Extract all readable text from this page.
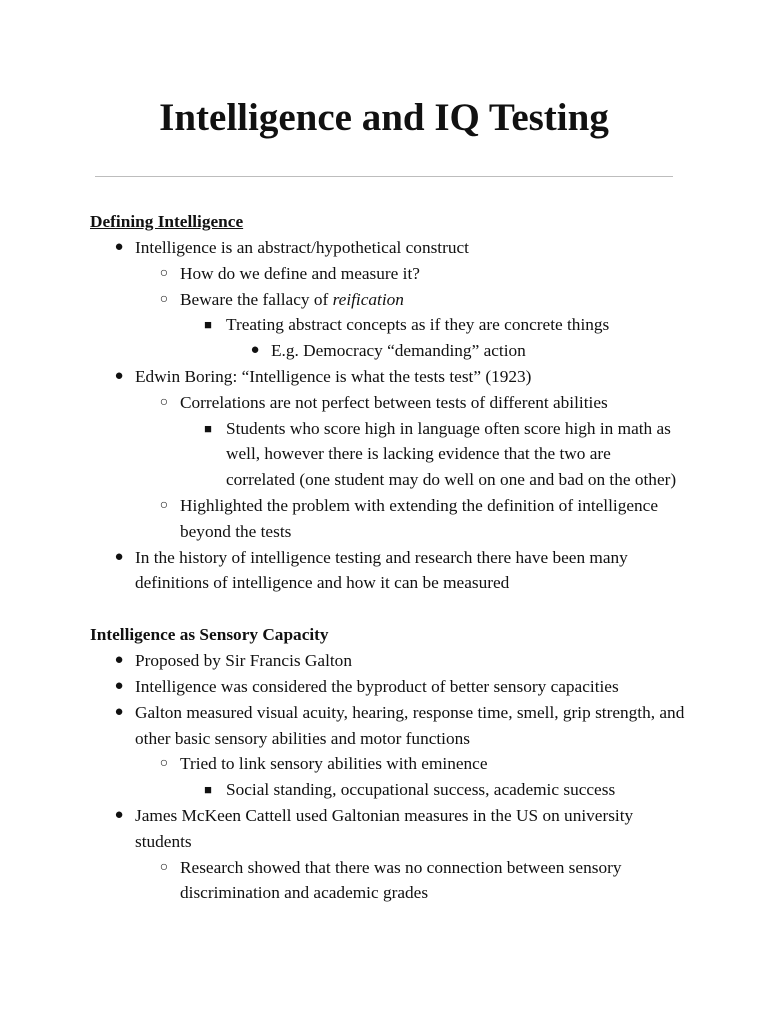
Intelligence and IQ Testing

Defining Intelligence

● Intelligence is an abstract/hypothetical construct
○ How do we define and measure it?
○ Beware the fallacy of reification
■ Treating abstract concepts as if they are concrete things
● E.g. Democracy “demanding” action
● Edwin Boring: “Intelligence is what the tests test” (1923)
○ Correlations are not perfect between tests of different abilities
■ Students who score high in language often score high in math as well, however there is lacking evidence that the two are correlated (one student may do well on one and bad on the other)
○ Highlighted the problem with extending the definition of intelligence beyond the tests
● In the history of intelligence testing and research there have been many definitions of intelligence and how it can be measured

Intelligence as Sensory Capacity

● Proposed by Sir Francis Galton
● Intelligence was considered the byproduct of better sensory capacities
● Galton measured visual acuity, hearing, response time, smell, grip strength, and other basic sensory abilities and motor functions
○ Tried to link sensory abilities with eminence
■ Social standing, occupational success, academic success
● James McKeen Cattell used Galtonian measures in the US on university students
○ Research showed that there was no connection between sensory discrimination and academic grades
